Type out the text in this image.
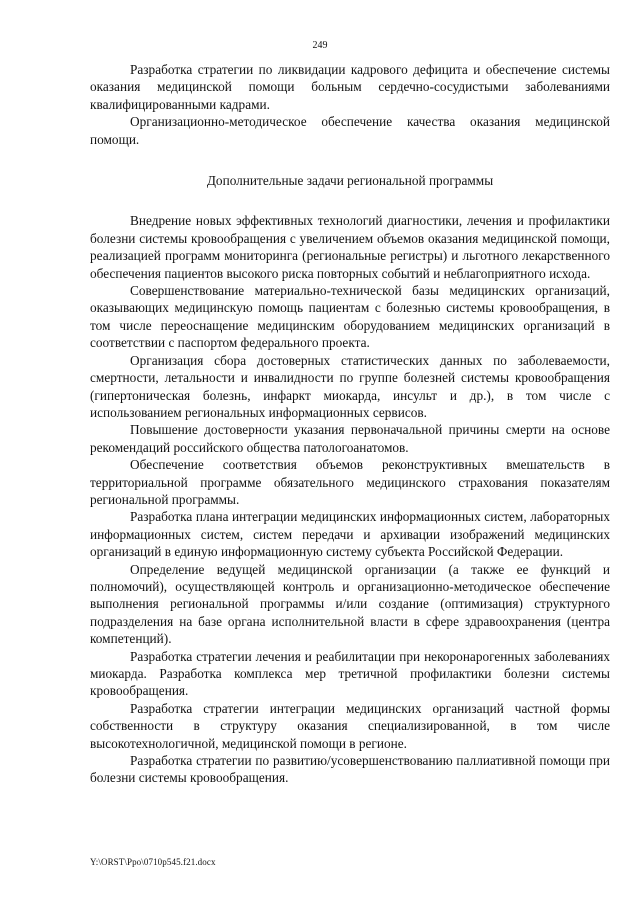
249

Разработка стратегии по ликвидации кадрового дефицита и обеспечение системы оказания медицинской помощи больным сердечно-сосудистыми заболеваниями квалифицированными кадрами.

Организационно-методическое обеспечение качества оказания медицинской помощи.

Дополнительные задачи региональной программы

Внедрение новых эффективных технологий диагностики, лечения и профилактики болезни системы кровообращения с увеличением объемов оказания медицинской помощи, реализацией программ мониторинга (региональные регистры) и льготного лекарственного обеспечения пациентов высокого риска повторных событий и неблагоприятного исхода.

Совершенствование материально-технической базы медицинских организаций, оказывающих медицинскую помощь пациентам с болезнью системы кровообращения, в том числе переоснащение медицинским оборудованием медицинских организаций в соответствии с паспортом федерального проекта.

Организация сбора достоверных статистических данных по заболеваемости, смертности, летальности и инвалидности по группе болезней системы кровообращения (гипертоническая болезнь, инфаркт миокарда, инсульт и др.), в том числе с использованием региональных информационных сервисов.

Повышение достоверности указания первоначальной причины смерти на основе рекомендаций российского общества патологоанатомов.

Обеспечение соответствия объемов реконструктивных вмешательств в территориальной программе обязательного медицинского страхования показателям региональной программы.

Разработка плана интеграции медицинских информационных систем, лабораторных информационных систем, систем передачи и архивации изображений медицинских организаций в единую информационную систему субъекта Российской Федерации.

Определение ведущей медицинской организации (а также ее функций и полномочий), осуществляющей контроль и организационно-методическое обеспечение выполнения региональной программы и/или создание (оптимизация) структурного подразделения на базе органа исполнительной власти в сфере здравоохранения (центра компетенций).

Разработка стратегии лечения и реабилитации при некоронарогенных заболеваниях миокарда. Разработка комплекса мер третичной профилактики болезни системы кровообращения.

Разработка стратегии интеграции медицинских организаций частной формы собственности в структуру оказания специализированной, в том числе высокотехнологичной, медицинской помощи в регионе.

Разработка стратегии по развитию/усовершенствованию паллиативной помощи при болезни системы кровообращения.

Y:\ORST\Ppo\0710p545.f21.docx
